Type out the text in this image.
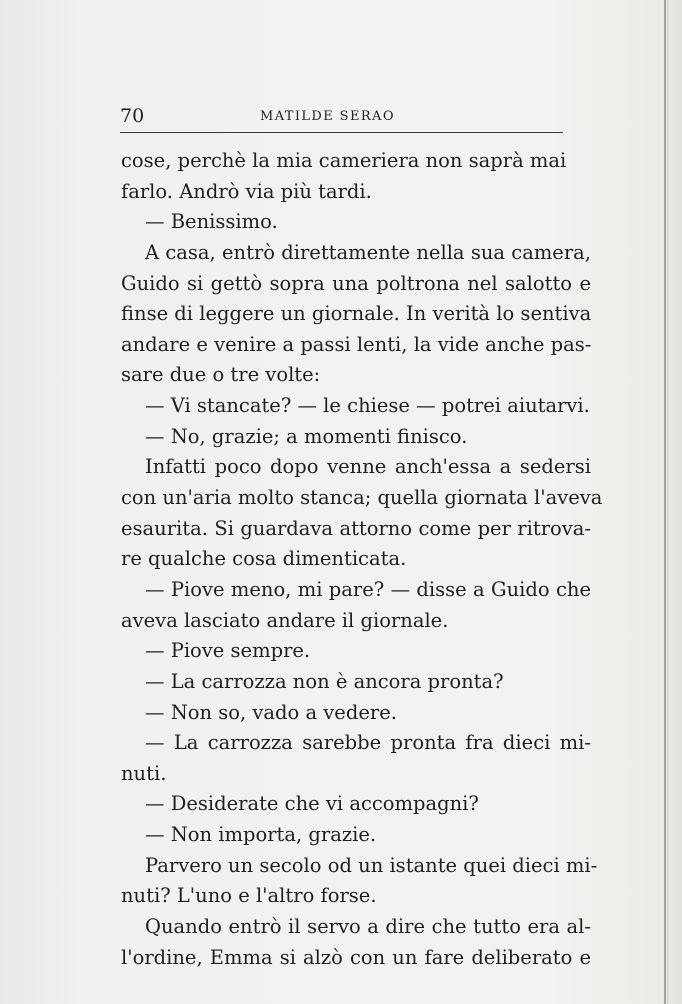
70	MATILDE SERAO
cose, perchè la mia cameriera non saprà mai
farlo. Andrò via più tardi.
— Benissimo.
A casa, entrò direttamente nella sua camera,
Guido si gettò sopra una poltrona nel salotto e
finse di leggere un giornale. In verità lo sentiva
andare e venire a passi lenti, la vide anche pas-
sare due o tre volte:
— Vi stancate? — le chiese — potrei aiutarvi.
— No, grazie; a momenti finisco.
Infatti poco dopo venne anch'essa a sedersi
con un'aria molto stanca; quella giornata l'aveva
esaurita. Si guardava attorno come per ritrova-
re qualche cosa dimenticata.
— Piove meno, mi pare? — disse a Guido che
aveva lasciato andare il giornale.
— Piove sempre.
— La carrozza non è ancora pronta?
— Non so, vado a vedere.
— La carrozza sarebbe pronta fra dieci mi-
nuti.
— Desiderate che vi accompagni?
— Non importa, grazie.
Parvero un secolo od un istante quei dieci mi-
nuti? L'uno e l'altro forse.
Quando entrò il servo a dire che tutto era al-
l'ordine, Emma si alzò con un fare deliberato e
